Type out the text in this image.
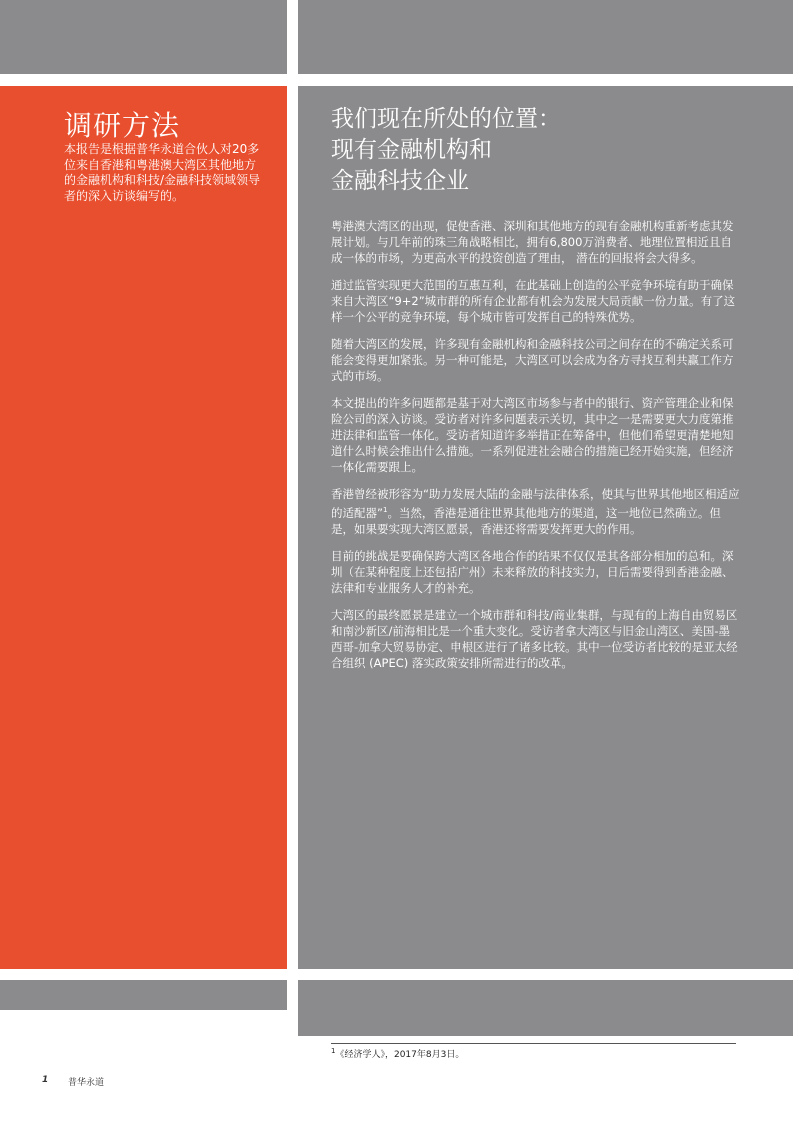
调研方法

本报告是根据普华永道合伙人对20多位来自香港和粤港澳大湾区其他地方的金融机构和科技/金融科技领域领导者的深入访谈编写的。

我们现在所处的位置：
现有金融机构和
金融科技企业

粤港澳大湾区的出现，促使香港、深圳和其他地方的现有金融机构重新考虑其发展计划。与几年前的珠三角战略相比，拥有6,800万消费者、地理位置相近且自成一体的市场，为更高水平的投资创造了理由， 潜在的回报将会大得多。

通过监管实现更大范围的互惠互利，在此基础上创造的公平竞争环境有助于确保来自大湾区“9+2”城市群的所有企业都有机会为发展大局贡献一份力量。有了这样一个公平的竞争环境，每个城市皆可发挥自己的特殊优势。

随着大湾区的发展，许多现有金融机构和金融科技公司之间存在的不确定关系可能会变得更加紧张。另一种可能是，大湾区可以会成为各方寻找互利共赢工作方式的市场。

本文提出的许多问题都是基于对大湾区市场参与者中的银行、资产管理企业和保险公司的深入访谈。受访者对许多问题表示关切，其中之一是需要更大力度第推进法律和监管一体化。受访者知道许多举措正在筹备中，但他们希望更清楚地知道什么时候会推出什么措施。一系列促进社会融合的措施已经开始实施，但经济一体化需要跟上。

香港曾经被形容为“助力发展大陆的金融与法律体系，使其与世界其他地区相适应的适配器”$^1$。当然，香港是通往世界其他地方的渠道，这一地位已然确立。但是，如果要实现大湾区愿景，香港还将需要发挥更大的作用。

目前的挑战是要确保跨大湾区各地合作的结果不仅仅是其各部分相加的总和。深圳（在某种程度上还包括广州）未来释放的科技实力，日后需要得到香港金融、法律和专业服务人才的补充。

大湾区的最终愿景是建立一个城市群和科技/商业集群，与现有的上海自由贸易区和南沙新区/前海相比是一个重大变化。受访者拿大湾区与旧金山湾区、美国-墨西哥-加拿大贸易协定、申根区进行了诸多比较。其中一位受访者比较的是亚太经合组织 (APEC) 落实政策安排所需进行的改革。

$^1$《经济学人》，2017年8月3日。
1 普华永道
